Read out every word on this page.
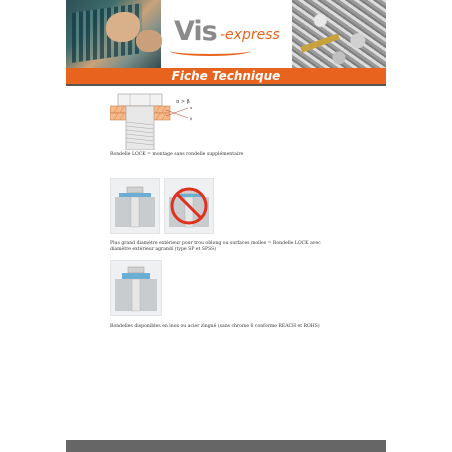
Vis -express
Fiche Technique
α > β
α
β
Rondelle LOCK = montage sans rondelle supplémentaire
Plus grand diamètre extérieur pour trou oblong ou surfaces molles = Rondelle LOCK avec diamètre extérieur agrandi (type SP et SPSS)
Rondelles disponibles en inox ou acier zingué (sans chrome 6 conforme REACH et ROHS)
